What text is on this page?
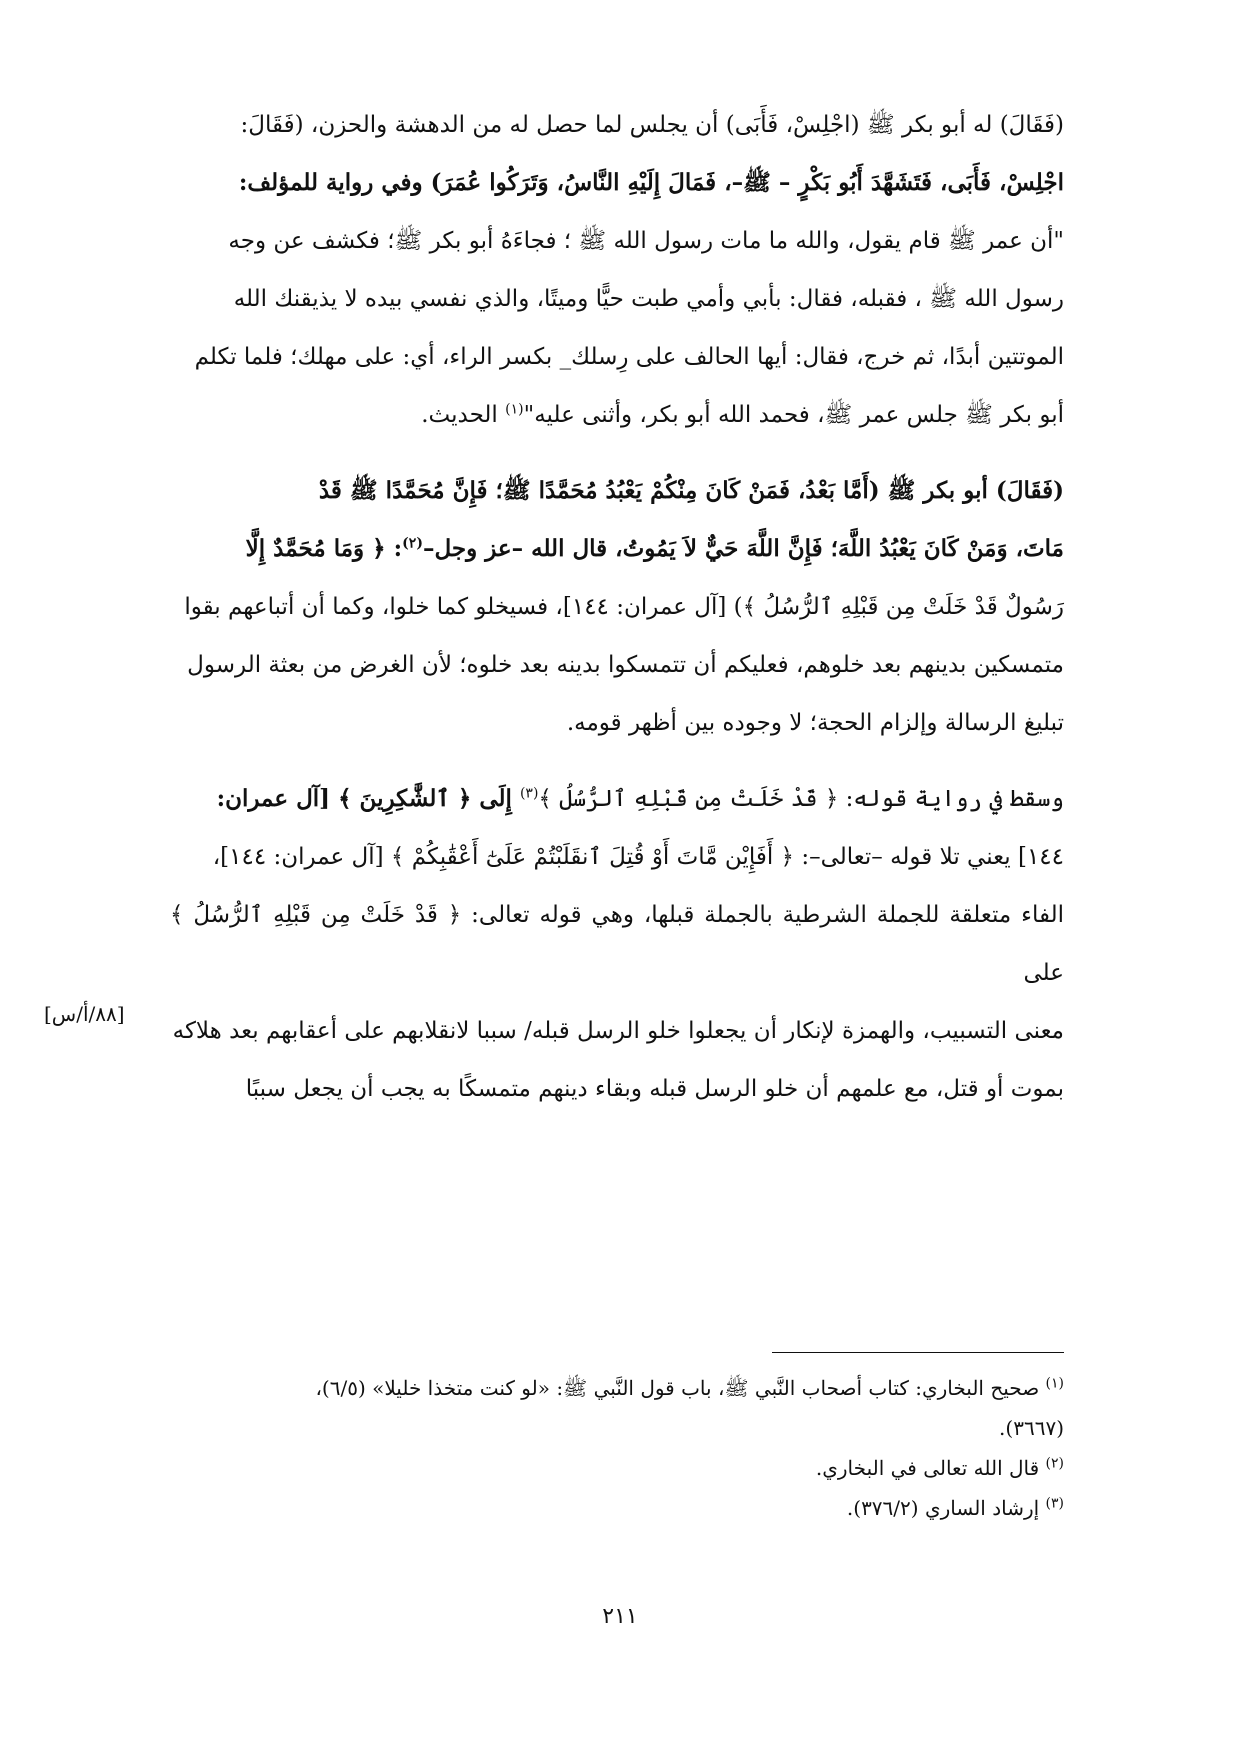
(فَقَالَ) له أبو بكر ﷺ (اجْلِسْ، فَأَبَى) أن يجلس لما حصل له من الدهشة والحزن، (فَقَالَ:

اجْلِسْ، فَأَبَى، فَتَشَهَّدَ أَبُو بَكْرٍ – ﷺ–، فَمَالَ إِلَيْهِ النَّاسُ، وَتَرَكُوا عُمَرَ) وفي رواية للمؤلف:

"أن عمر ﷺ قام يقول، والله ما مات رسول الله ﷺ ؛ فجاءَهُ أبو بكر ﷺ؛ فكشف عن وجه

رسول الله ﷺ ، فقبله، فقال: بأبي وأمي طبت حيًّا وميتًا، والذي نفسي بيده لا يذيقنك الله

الموتتين أبدًا، ثم خرج، فقال: أيها الحالف على رِسلك_ بكسر الراء، أي: على مهلك؛ فلما تكلم

أبو بكر ﷺ جلس عمر ﷺ، فحمد الله أبو بكر، وأثنى عليه"$^{(١)}$ الحديث.

(فَقَالَ) أبو بكر ﷺ (أَمَّا بَعْدُ، فَمَنْ كَانَ مِنْكُمْ يَعْبُدُ مُحَمَّدًا ﷺ؛ فَإِنَّ مُحَمَّدًا ﷺ قَدْ

مَاتَ، وَمَنْ كَانَ يَعْبُدُ اللَّهَ؛ فَإِنَّ اللَّهَ حَيٌّ لاَ يَمُوتُ، قال الله –عز وجل–$^{(٢)}$: ﴿ وَمَا مُحَمَّدٌ إِلَّا

رَسُولٌ قَدْ خَلَتْ مِن قَبْلِهِ ٱلرُّسُلُ ﴾) [آل عمران: ١٤٤]، فسيخلو كما خلوا، وكما أن أتباعهم بقوا

متمسكين بدينهم بعد خلوهم، فعليكم أن تتمسكوا بدينه بعد خلوه؛ لأن الغرض من بعثة الرسول

تبليغ الرسالة وإلزام الحجة؛ لا وجوده بين أظهر قومه.

وسقط في رواية قوله: ﴿ قَدْ خَلَتْ مِن قَبْلِهِ ٱلرُّسُلُ ﴾$^{(٣)}$ إِلَى ﴿ ٱلشَّٰكِرِينَ ﴾ [آل عمران:

١٤٤] يعني تلا قوله –تعالى–: ﴿ أَفَإِيْن مَّاتَ أَوْ قُتِلَ ٱنقَلَبْتُمْ عَلَىٰٓ أَعْقَٰبِكُمْ ﴾ [آل عمران: ١٤٤]،

الفاء متعلقة للجملة الشرطية بالجملة قبلها، وهي قوله تعالى: ﴿ قَدْ خَلَتْ مِن قَبْلِهِ ٱلرُّسُلُ ﴾ على

معنى التسبيب، والهمزة لإنكار أن يجعلوا خلو الرسل قبله/ سببا لانقلابهم على أعقابهم بعد هلاكه

بموت أو قتل، مع علمهم أن خلو الرسل قبله وبقاء دينهم متمسكًا به يجب أن يجعل سببًا

[٨٨/أ/س]

$^{(١)}$ صحيح البخاري: كتاب أصحاب النَّبي ﷺ، باب قول النَّبي ﷺ: «لو كنت متخذا خليلا» (٦/٥)،

(٣٦٦٧).

$^{(٢)}$ قال الله تعالى في البخاري.

$^{(٣)}$ إرشاد الساري (٣٧٦/٢).

٢١١
